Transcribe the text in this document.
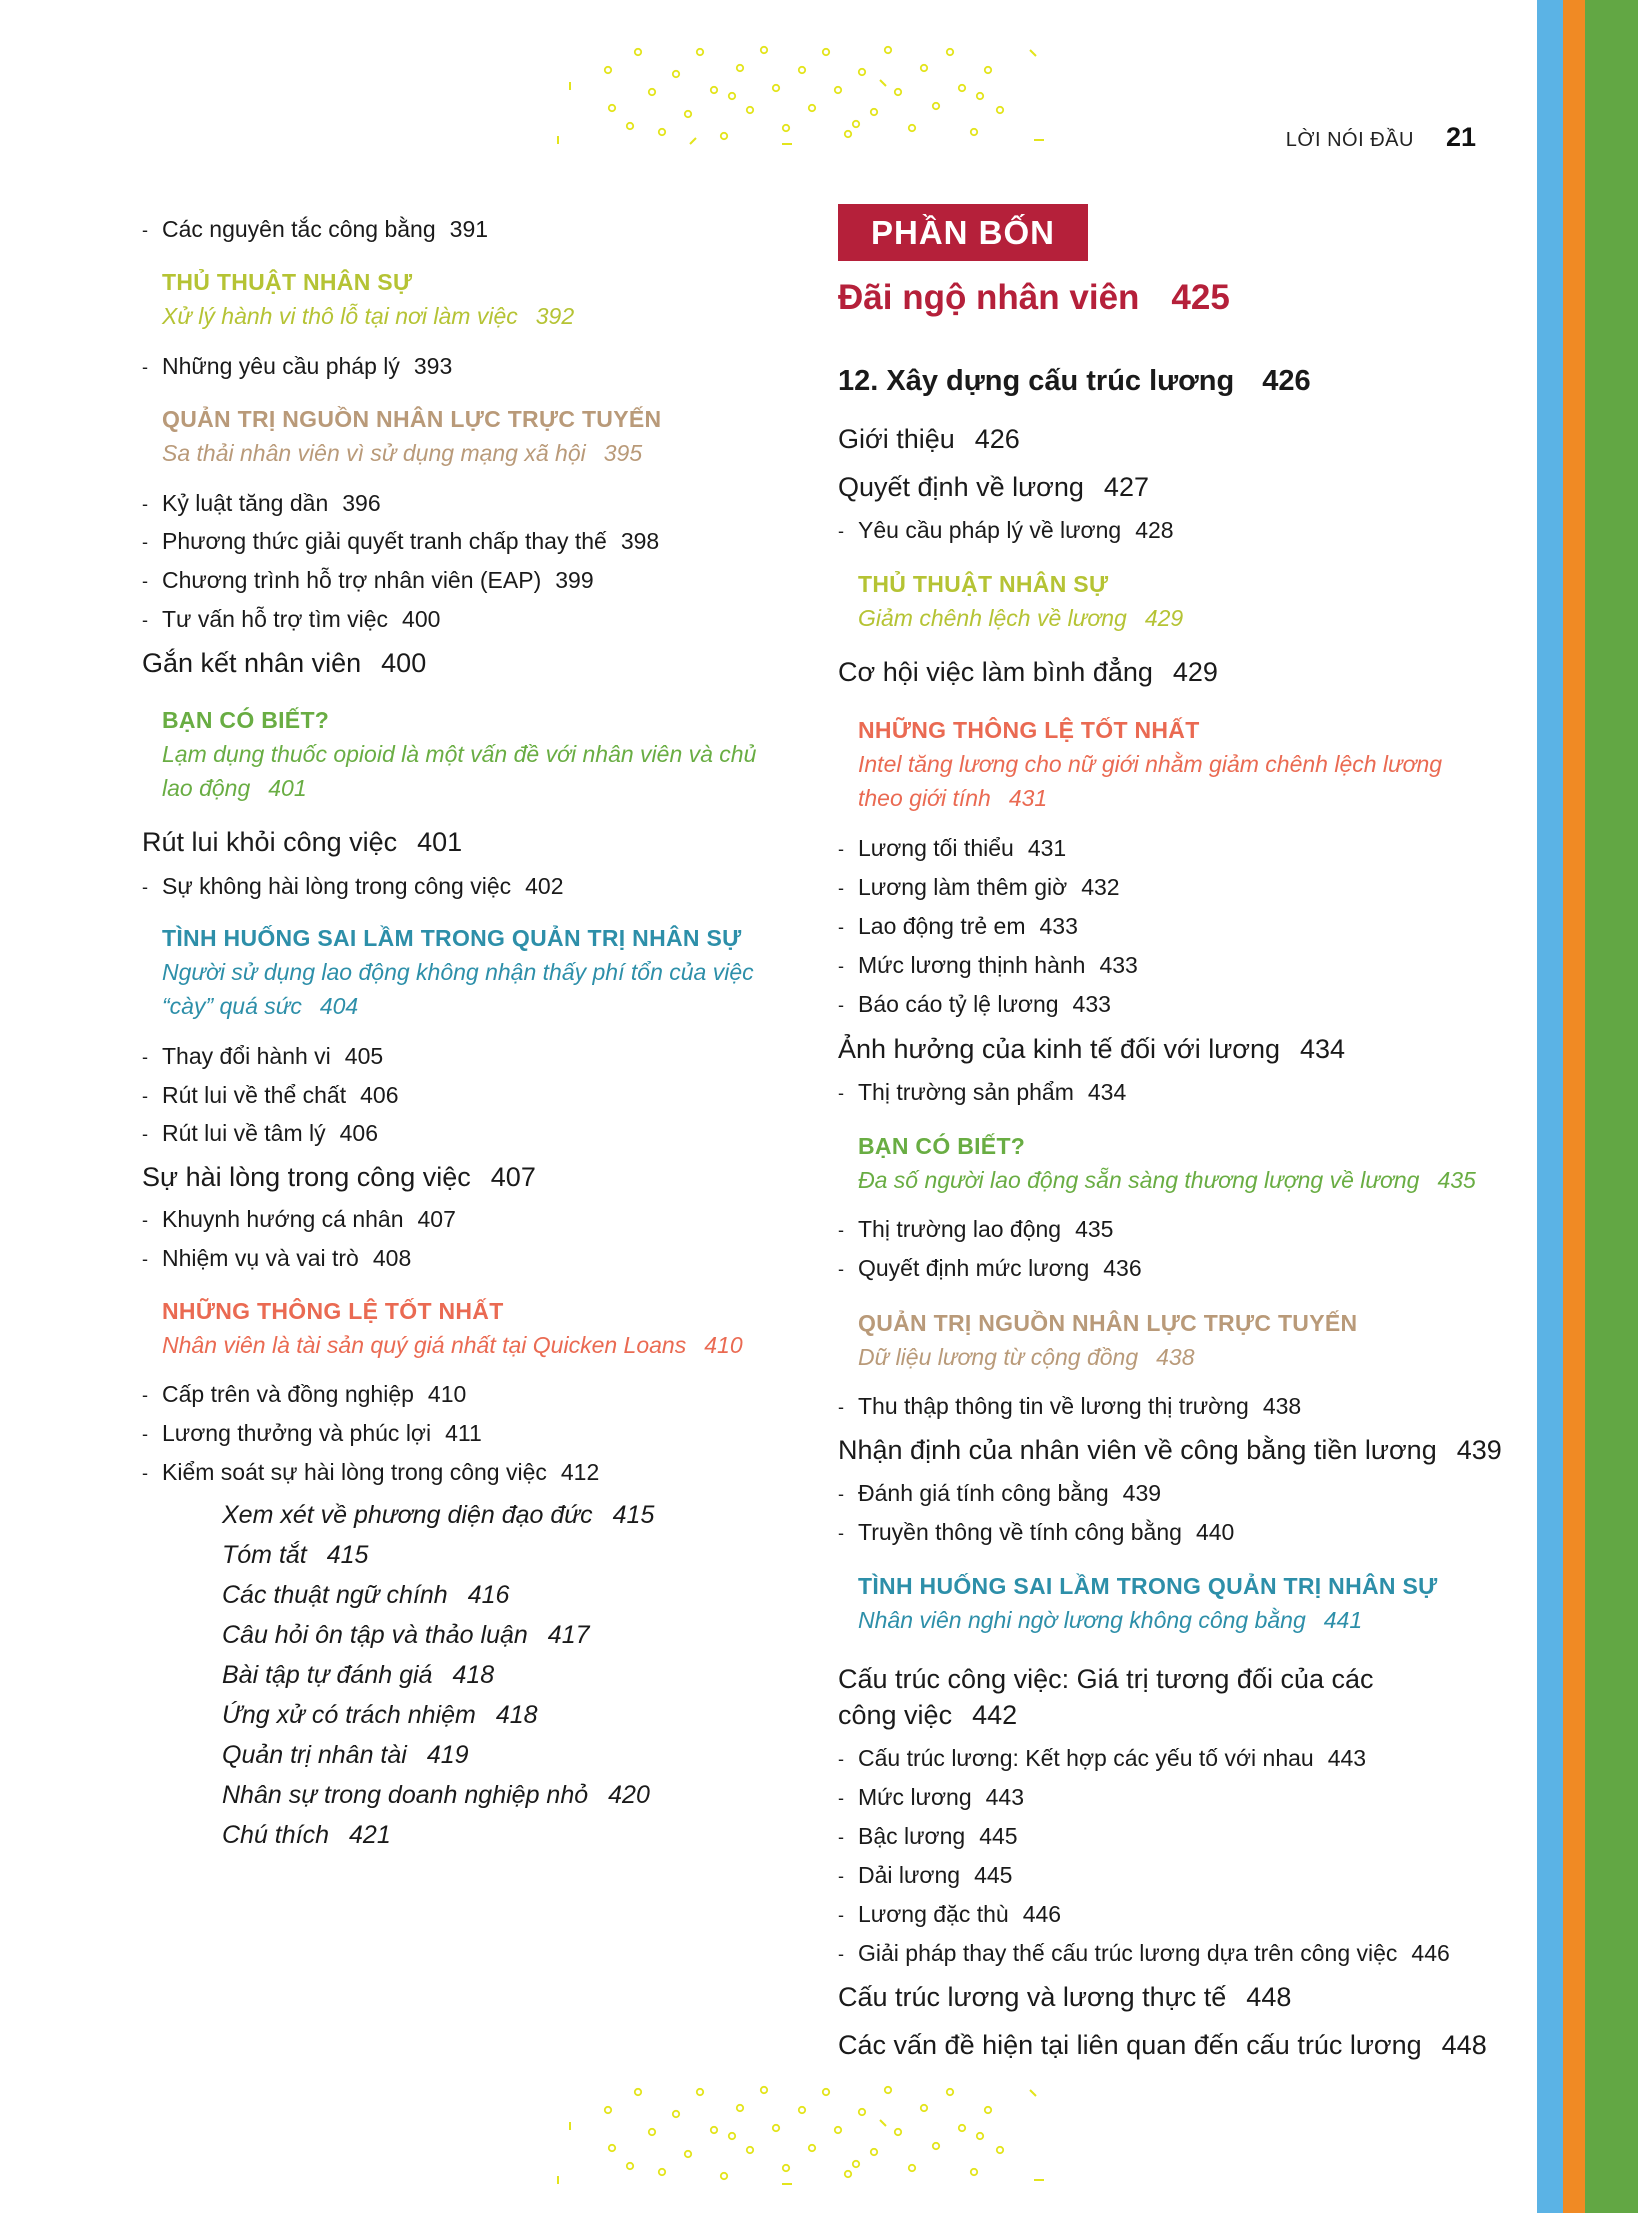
LỜI NÓI ĐẦU 21
- Các nguyên tắc công bằng 391
THỦ THUẬT NHÂN SỰ
Xử lý hành vi thô lỗ tại nơi làm việc 392
- Những yêu cầu pháp lý 393
QUẢN TRỊ NGUỒN NHÂN LỰC TRỰC TUYẾN
Sa thải nhân viên vì sử dụng mạng xã hội 395
- Kỷ luật tăng dần 396
- Phương thức giải quyết tranh chấp thay thế 398
- Chương trình hỗ trợ nhân viên (EAP) 399
- Tư vấn hỗ trợ tìm việc 400
Gắn kết nhân viên 400
BẠN CÓ BIẾT?
Lạm dụng thuốc opioid là một vấn đề với nhân viên và chủ
lao động 401
Rút lui khỏi công việc 401
- Sự không hài lòng trong công việc 402
TÌNH HUỐNG SAI LẦM TRONG QUẢN TRỊ NHÂN SỰ
Người sử dụng lao động không nhận thấy phí tổn của việc
“cày” quá sức 404
- Thay đổi hành vi 405
- Rút lui về thể chất 406
- Rút lui về tâm lý 406
Sự hài lòng trong công việc 407
- Khuynh hướng cá nhân 407
- Nhiệm vụ và vai trò 408
NHỮNG THÔNG LỆ TỐT NHẤT
Nhân viên là tài sản quý giá nhất tại Quicken Loans 410
- Cấp trên và đồng nghiệp 410
- Lương thưởng và phúc lợi 411
- Kiểm soát sự hài lòng trong công việc 412
Xem xét về phương diện đạo đức 415
Tóm tắt 415
Các thuật ngữ chính 416
Câu hỏi ôn tập và thảo luận 417
Bài tập tự đánh giá 418
Ứng xử có trách nhiệm 418
Quản trị nhân tài 419
Nhân sự trong doanh nghiệp nhỏ 420
Chú thích 421
PHẦN BỐN
Đãi ngộ nhân viên 425
12. Xây dựng cấu trúc lương 426
Giới thiệu 426
Quyết định về lương 427
- Yêu cầu pháp lý về lương 428
THỦ THUẬT NHÂN SỰ
Giảm chênh lệch về lương 429
Cơ hội việc làm bình đẳng 429
NHỮNG THÔNG LỆ TỐT NHẤT
Intel tăng lương cho nữ giới nhằm giảm chênh lệch lương
theo giới tính 431
- Lương tối thiểu 431
- Lương làm thêm giờ 432
- Lao động trẻ em 433
- Mức lương thịnh hành 433
- Báo cáo tỷ lệ lương 433
Ảnh hưởng của kinh tế đối với lương 434
- Thị trường sản phẩm 434
BẠN CÓ BIẾT?
Đa số người lao động sẵn sàng thương lượng về lương 435
- Thị trường lao động 435
- Quyết định mức lương 436
QUẢN TRỊ NGUỒN NHÂN LỰC TRỰC TUYẾN
Dữ liệu lương từ cộng đồng 438
- Thu thập thông tin về lương thị trường 438
Nhận định của nhân viên về công bằng tiền lương 439
- Đánh giá tính công bằng 439
- Truyền thông về tính công bằng 440
TÌNH HUỐNG SAI LẦM TRONG QUẢN TRỊ NHÂN SỰ
Nhân viên nghi ngờ lương không công bằng 441
Cấu trúc công việc: Giá trị tương đối của các
công việc 442
- Cấu trúc lương: Kết hợp các yếu tố với nhau 443
- Mức lương 443
- Bậc lương 445
- Dải lương 445
- Lương đặc thù 446
- Giải pháp thay thế cấu trúc lương dựa trên công việc 446
Cấu trúc lương và lương thực tế 448
Các vấn đề hiện tại liên quan đến cấu trúc lương 448
